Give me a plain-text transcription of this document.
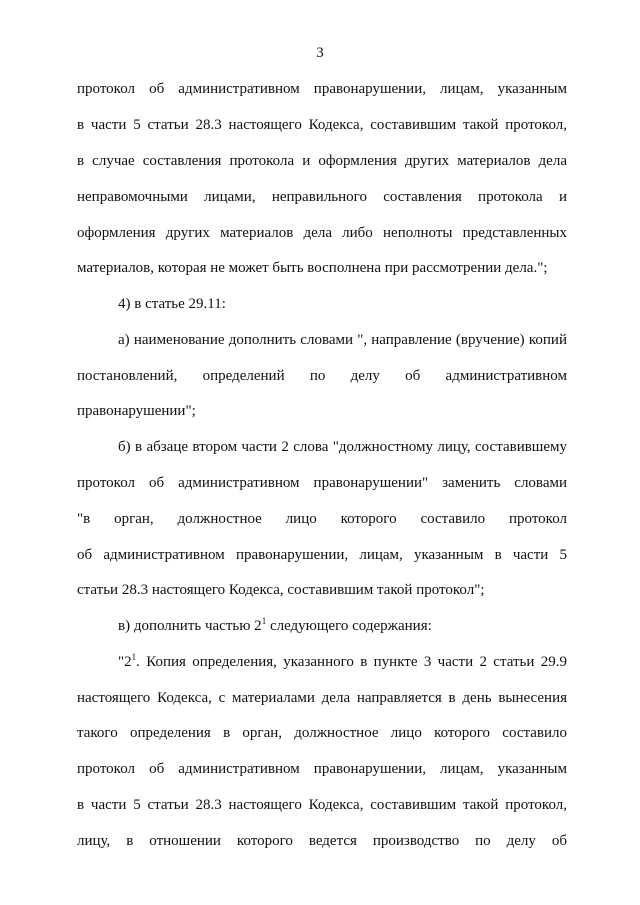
3
протокол об административном правонарушении, лицам, указанным
в части 5 статьи 28.3 настоящего Кодекса, составившим такой протокол,
в случае составления протокола и оформления других материалов дела
неправомочными лицами, неправильного составления протокола и
оформления других материалов дела либо неполноты представленных
материалов, которая не может быть восполнена при рассмотрении дела.";
4) в статье 29.11:
а) наименование дополнить словами ", направление (вручение) копий
постановлений, определений по делу об административном
правонарушении";
б) в абзаце втором части 2 слова "должностному лицу, составившему
протокол об административном правонарушении" заменить словами
"в орган, должностное лицо которого составило протокол
об административном правонарушении, лицам, указанным в части 5
статьи 28.3 настоящего Кодекса, составившим такой протокол";
в) дополнить частью $2^1$ следующего содержания:
"$2^1$. Копия определения, указанного в пункте 3 части 2 статьи 29.9
настоящего Кодекса, с материалами дела направляется в день вынесения
такого определения в орган, должностное лицо которого составило
протокол об административном правонарушении, лицам, указанным
в части 5 статьи 28.3 настоящего Кодекса, составившим такой протокол,
лицу, в отношении которого ведется производство по делу об
